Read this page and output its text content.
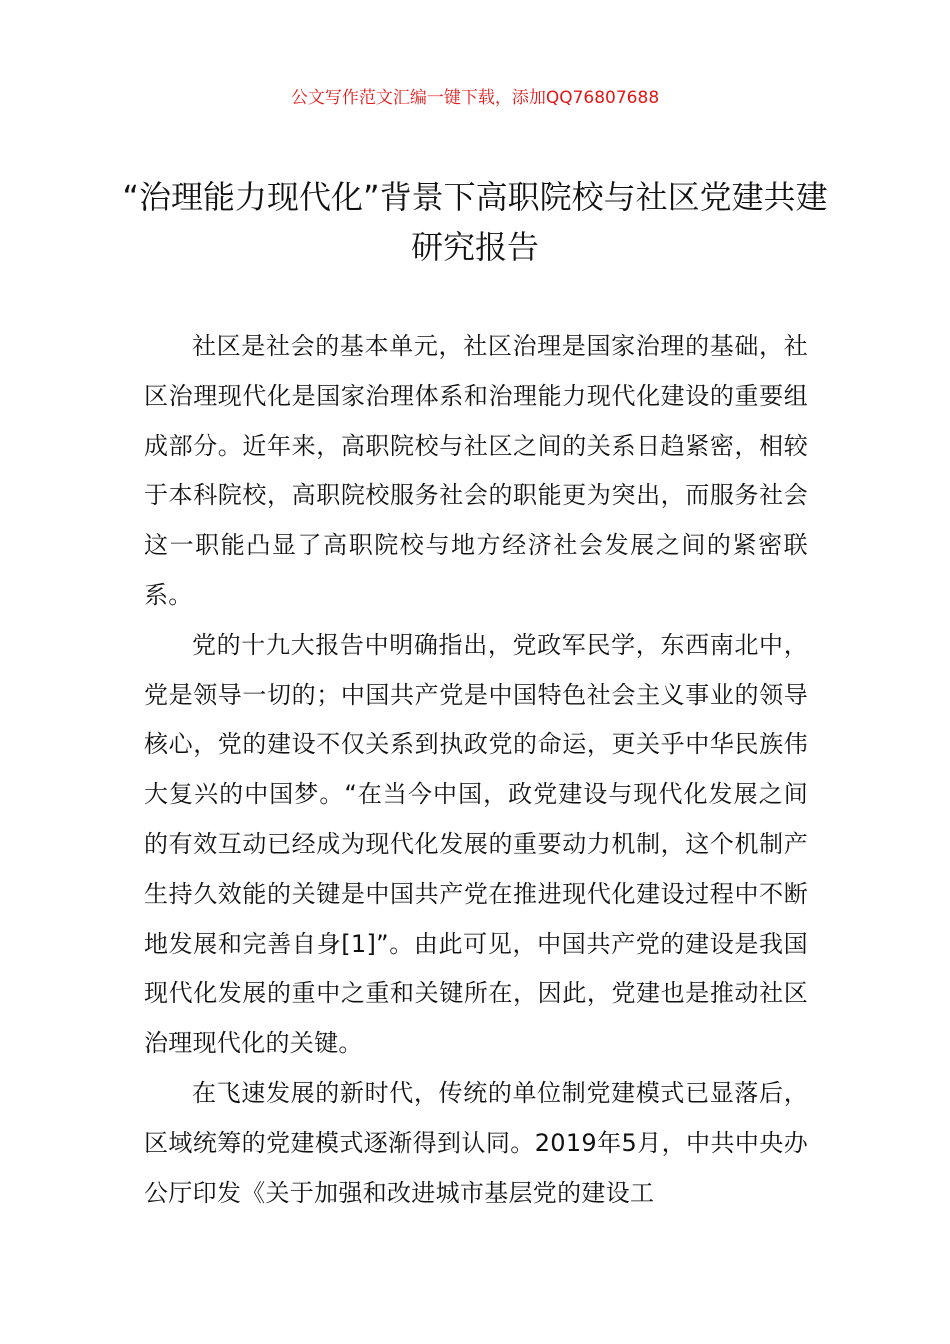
公文写作范文汇编一键下载，添加QQ76807688
“治理能力现代化”背景下高职院校与社区党建共建研究报告

社区是社会的基本单元，社区治理是国家治理的基础，社区治理现代化是国家治理体系和治理能力现代化建设的重要组成部分。近年来，高职院校与社区之间的关系日趋紧密，相较于本科院校，高职院校服务社会的职能更为突出，而服务社会这一职能凸显了高职院校与地方经济社会发展之间的紧密联系。

党的十九大报告中明确指出，党政军民学，东西南北中，党是领导一切的；中国共产党是中国特色社会主义事业的领导核心，党的建设不仅关系到执政党的命运，更关乎中华民族伟大复兴的中国梦。“在当今中国，政党建设与现代化发展之间的有效互动已经成为现代化发展的重要动力机制，这个机制产生持久效能的关键是中国共产党在推进现代化建设过程中不断地发展和完善自身[1]”。由此可见，中国共产党的建设是我国现代化发展的重中之重和关键所在，因此，党建也是推动社区治理现代化的关键。

在飞速发展的新时代，传统的单位制党建模式已显落后，区域统筹的党建模式逐渐得到认同。2019年5月，中共中央办公厅印发《关于加强和改进城市基层党的建设工
